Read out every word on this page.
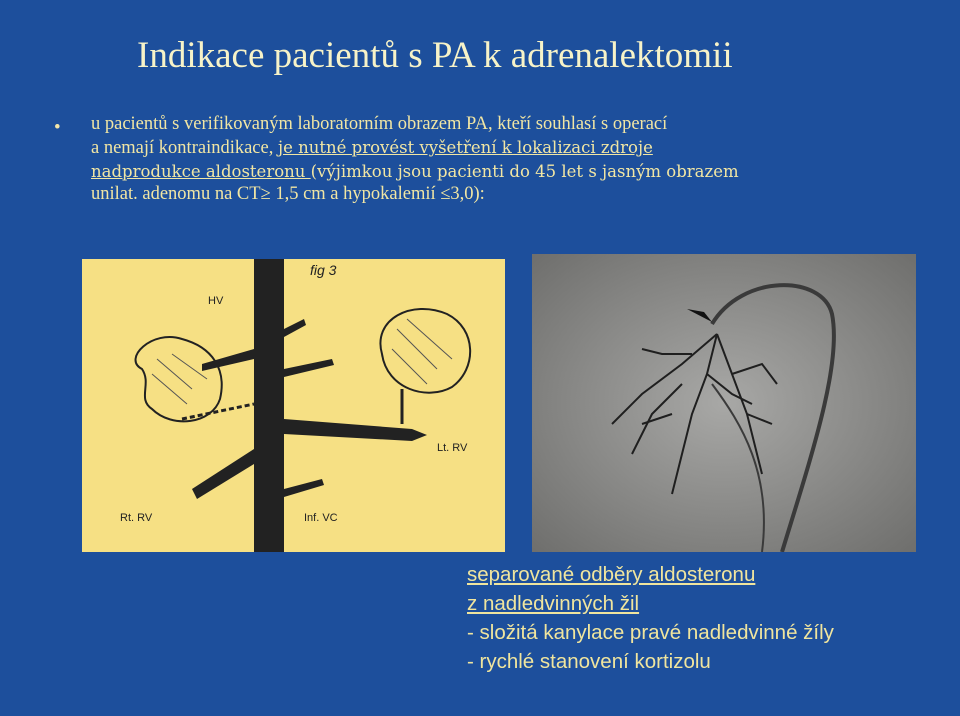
Indikace pacientů s PA k adrenalektomii
• u pacientů s verifikovaným laboratorním obrazem PA, kteří souhlasí s operací
a nemají kontraindikace, je nutné provést vyšetření k lokalizaci zdroje
nadprodukce aldosteronu (výjimkou jsou pacienti do 45 let s jasným obrazem
unilat. adenomu na CT≥ 1,5 cm a hypokalemií ≤3,0):
fig 3
HV
Lt. RV
Rt. RV	Inf. VC
separované odběry aldosteronu
z nadledvinných žil
- složitá kanylace pravé nadledvinné žíly
- rychlé stanovení kortizolu
